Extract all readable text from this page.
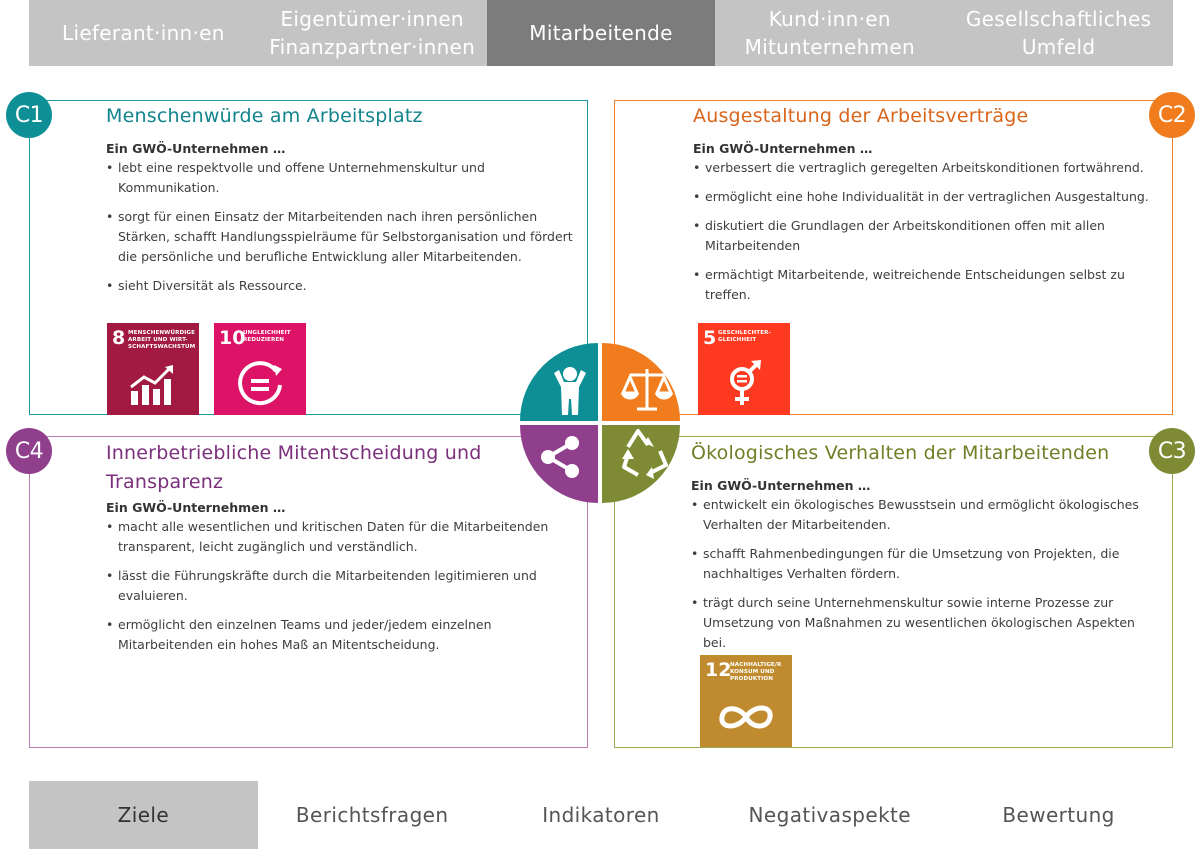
Lieferant·inn·en
Eigentümer·innen
Finanzpartner·innen
Mitarbeitende
Kund·inn·en
Mitunternehmen
Gesellschaftliches
Umfeld
C1	C2
C4	C3
Menschenwürde am Arbeitsplatz
Ein GWÖ-Unternehmen …
• lebt eine respektvolle und offene Unternehmenskultur und Kommunikation.
• sorgt für einen Einsatz der Mitarbeitenden nach ihren persönlichen Stärken, schafft Handlungsspielräume für Selbstorganisation und fördert die persönliche und berufliche Entwicklung aller Mitarbeitenden.
• sieht Diversität als Ressource.
Ausgestaltung der Arbeitsverträge
Ein GWÖ-Unternehmen …
• verbessert die vertraglich geregelten Arbeitskonditionen fortwährend.
• ermöglicht eine hohe Individualität in der vertraglichen Ausgestaltung.
• diskutiert die Grundlagen der Arbeitskonditionen offen mit allen Mitarbeitenden
• ermächtigt Mitarbeitende, weitreichende Entscheidungen selbst zu treffen.
Innerbetriebliche Mitentscheidung und Transparenz
Ein GWÖ-Unternehmen …
• macht alle wesentlichen und kritischen Daten für die Mitarbeitenden transparent, leicht zugänglich und verständlich.
• lässt die Führungskräfte durch die Mitarbeitenden legitimieren und evaluieren.
• ermöglicht den einzelnen Teams und jeder/jedem einzelnen Mitarbeitenden ein hohes Maß an Mitentscheidung.
Ökologisches Verhalten der Mitarbeitenden
Ein GWÖ-Unternehmen …
• entwickelt ein ökologisches Bewusstsein und ermöglicht ökologisches Verhalten der Mitarbeitenden.
• schafft Rahmenbedingungen für die Umsetzung von Projekten, die nachhaltiges Verhalten fördern.
• trägt durch seine Unternehmenskultur sowie interne Prozesse zur Umsetzung von Maßnahmen zu wesentlichen ökologischen Aspekten bei.
8 MENSCHENWÜRDIGE ARBEIT UND WIRT-SCHAFTSWACHSTUM 10
UNGLEICHHEIT REDUZIEREN	5 GESCHLECHTER-GLEICHHEIT
12
NACHHALTIGE/R KONSUM UND PRODUKTION
Ziele	Berichtsfragen	Indikatoren	Negativaspekte	Bewertung
